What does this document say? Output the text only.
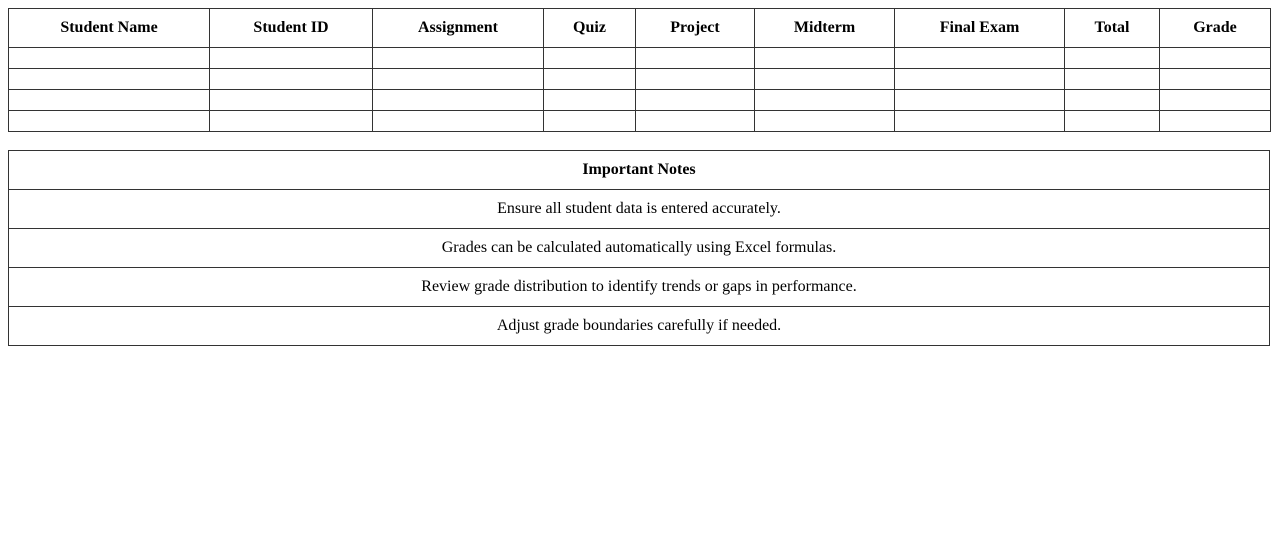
Student Name	Student ID	Assignment	Quiz	Project	Midterm	Final Exam	Total	Grade

Important Notes
Ensure all student data is entered accurately.
Grades can be calculated automatically using Excel formulas.
Review grade distribution to identify trends or gaps in performance.
Adjust grade boundaries carefully if needed.
